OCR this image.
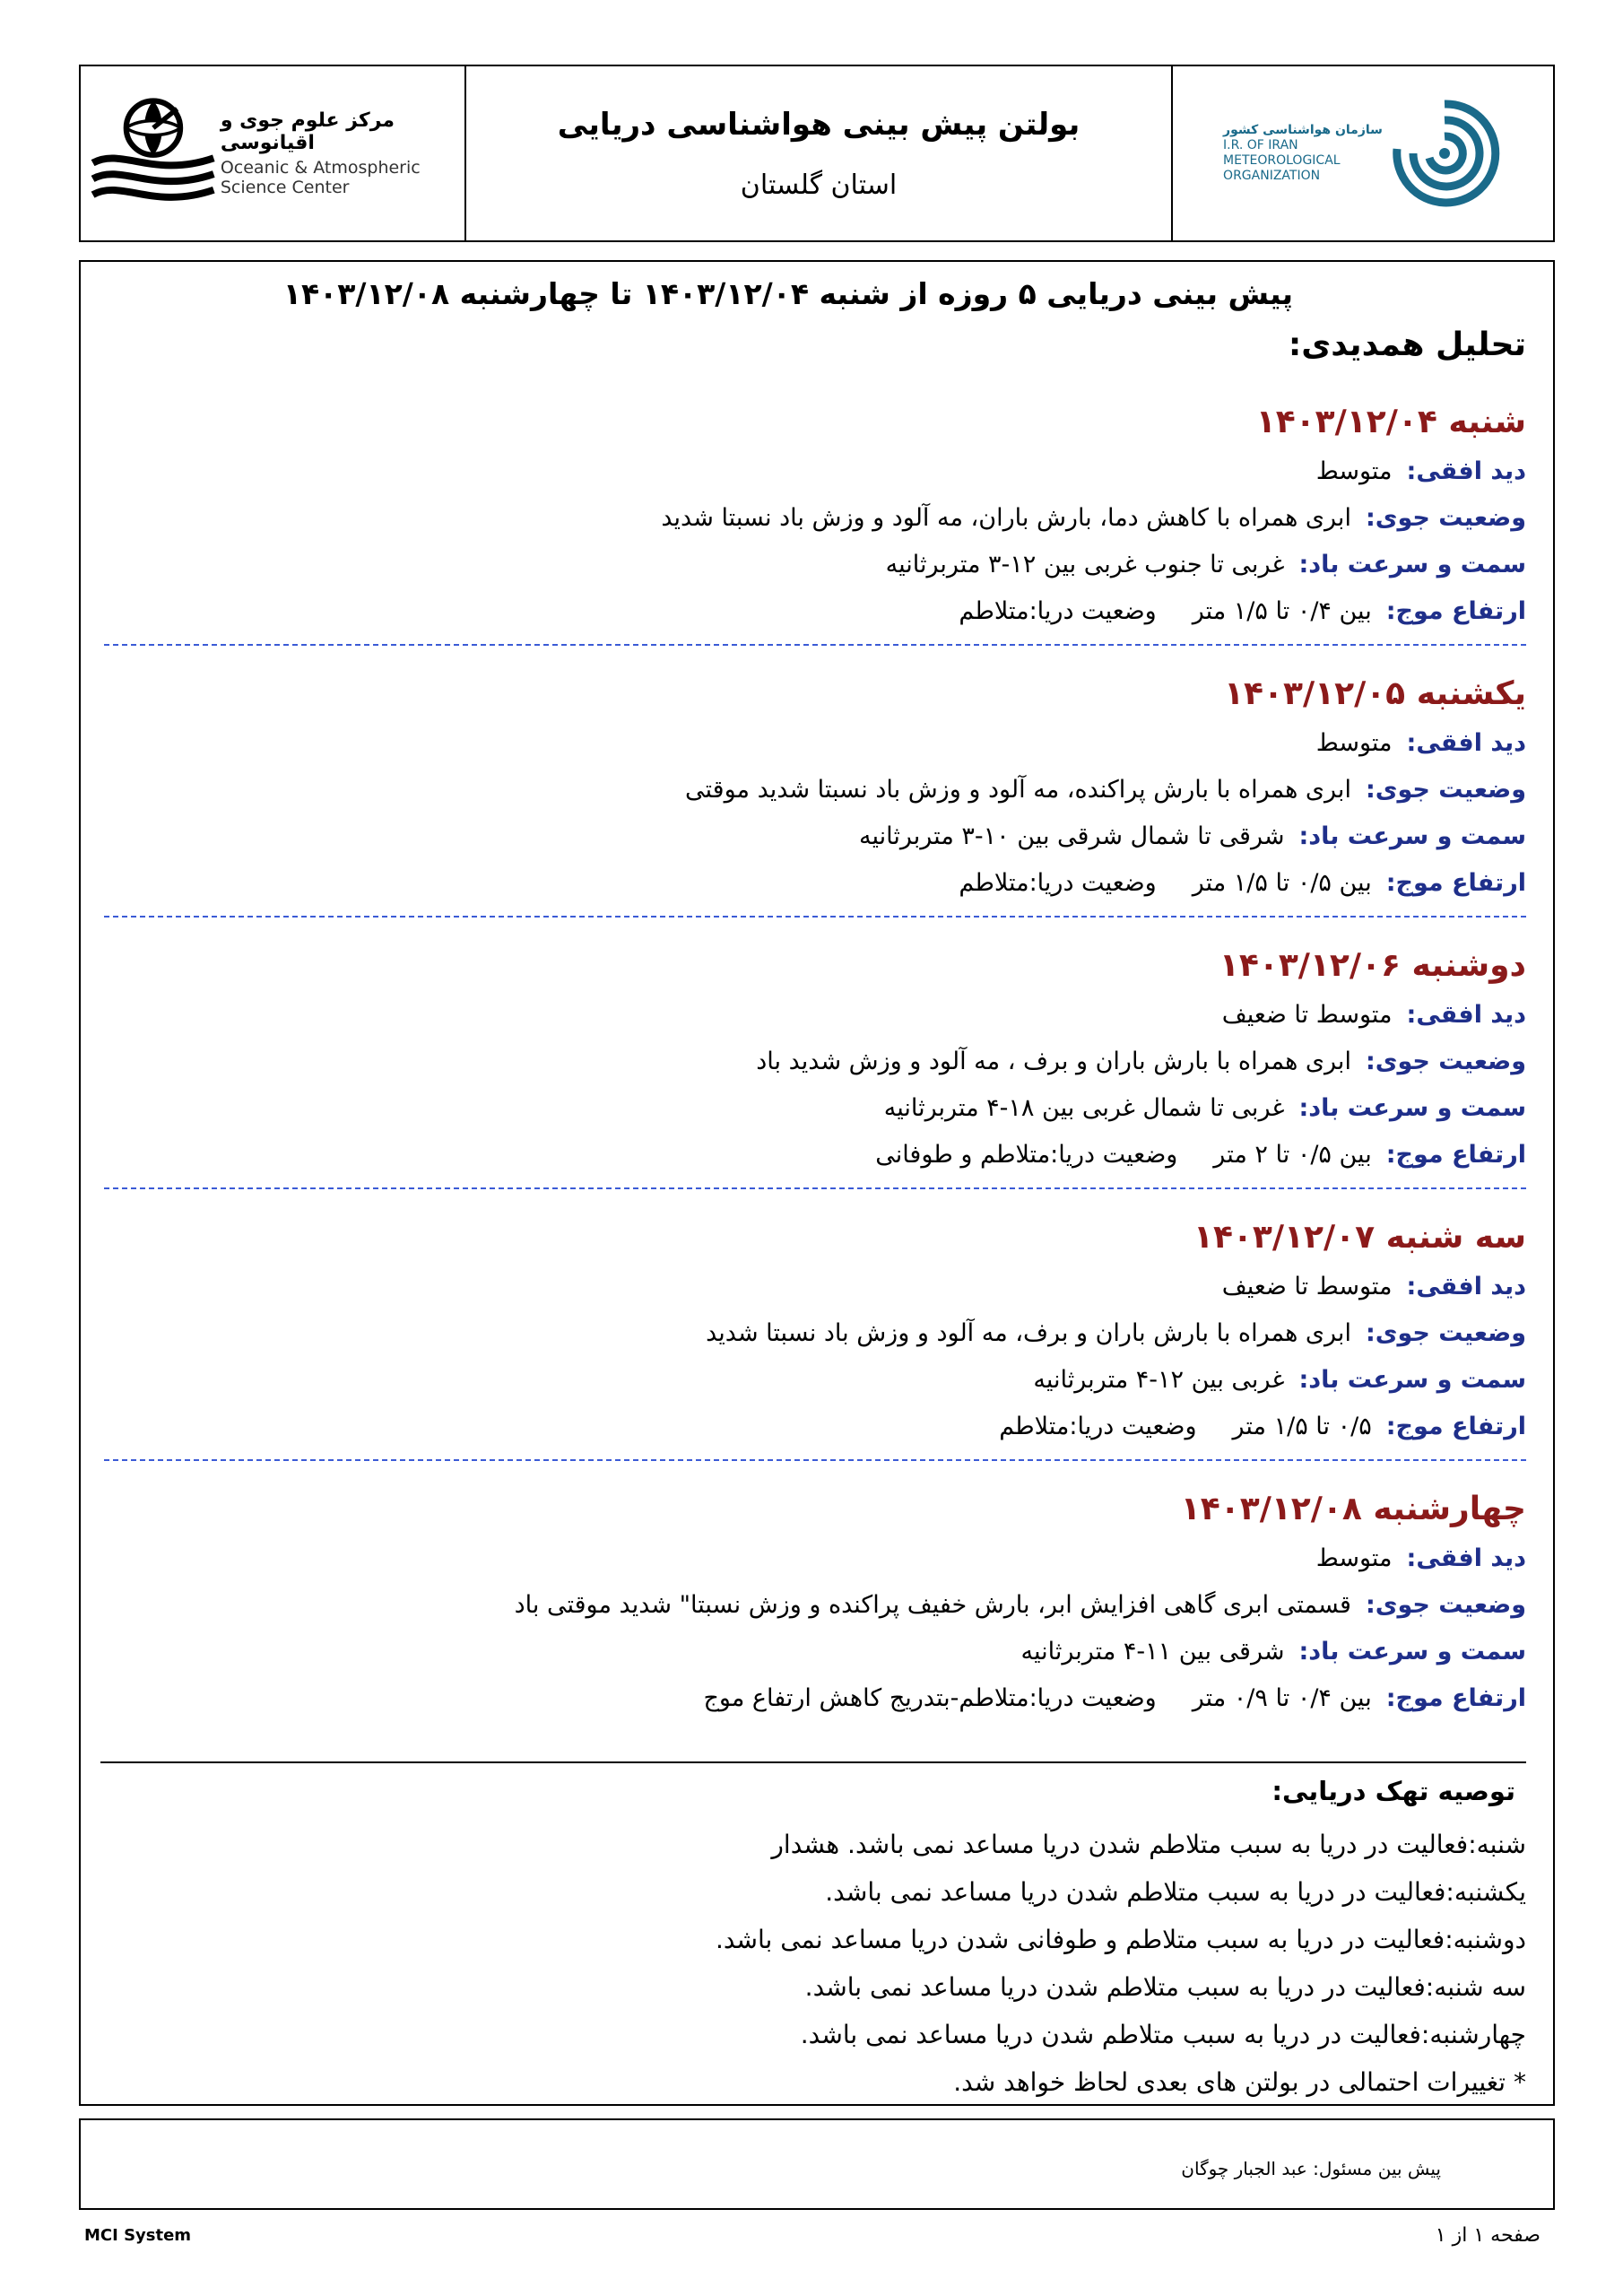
مرکز علوم جوی و اقیانوسی
Oceanic & Atmospheric
Science Center
بولتن پیش بینی هواشناسی دریایی
استان گلستان
سازمان هواشناسی کشور
I.R. OF IRAN
METEOROLOGICAL
ORGANIZATION
پیش بینی دریایی ۵ روزه از شنبه ۱۴۰۳/۱۲/۰۴ تا چهارشنبه ۱۴۰۳/۱۲/۰۸
تحلیل همدیدی:
شنبه ۱۴۰۳/۱۲/۰۴
دید افقی:متوسط
وضعیت جوی:ابری همراه با کاهش دما، بارش باران، مه آلود و وزش باد نسبتا شدید
سمت و سرعت باد:غربی تا جنوب غربی بین ۱۲-۳ متربرثانیه
ارتفاع موج:بین ۰/۴ تا ۱/۵ متروضعیت دریا:متلاطم
یکشنبه ۱۴۰۳/۱۲/۰۵
دید افقی:متوسط
وضعیت جوی:ابری همراه با بارش پراکنده، مه آلود و وزش باد نسبتا شدید موقتی
سمت و سرعت باد:شرقی تا شمال شرقی بین ۱۰-۳ متربرثانیه
ارتفاع موج:بین ۰/۵ تا ۱/۵ متروضعیت دریا:متلاطم
دوشنبه ۱۴۰۳/۱۲/۰۶
دید افقی:متوسط تا ضعیف
وضعیت جوی:ابری همراه با بارش باران و برف ، مه آلود و وزش شدید باد
سمت و سرعت باد:غربی تا شمال غربی بین ۱۸-۴ متربرثانیه
ارتفاع موج:بین ۰/۵ تا ۲ متروضعیت دریا:متلاطم و طوفانی
سه شنبه ۱۴۰۳/۱۲/۰۷
دید افقی:متوسط تا ضعیف
وضعیت جوی:ابری همراه با بارش باران و برف، مه آلود و وزش باد نسبتا شدید
سمت و سرعت باد:غربی بین ۱۲-۴ متربرثانیه
ارتفاع موج:۰/۵ تا ۱/۵ متروضعیت دریا:متلاطم
چهارشنبه ۱۴۰۳/۱۲/۰۸
دید افقی:متوسط
وضعیت جوی:قسمتی ابری گاهی افزایش ابر، بارش خفیف پراکنده و وزش نسبتا" شدید موقتی باد
سمت و سرعت باد:شرقی بین ۱۱-۴ متربرثانیه
ارتفاع موج:بین ۰/۴ تا ۰/۹ متروضعیت دریا:متلاطم-بتدریج کاهش ارتفاع موج
توصیه تهک دریایی:
شنبه:فعالیت در دریا به سبب متلاطم شدن دریا مساعد نمی باشد. هشدار
یکشنبه:فعالیت در دریا به سبب متلاطم شدن دریا مساعد نمی باشد.
دوشنبه:فعالیت در دریا به سبب متلاطم و طوفانی شدن دریا مساعد نمی باشد.
سه شنبه:فعالیت در دریا به سبب متلاطم شدن دریا مساعد نمی باشد.
چهارشنبه:فعالیت در دریا به سبب متلاطم شدن دریا مساعد نمی باشد.
* تغییرات احتمالی در بولتن های بعدی لحاظ خواهد شد.
پیش بین مسئول: عبد الجبار چوگان
MCI System	صفحه ۱ از ۱
